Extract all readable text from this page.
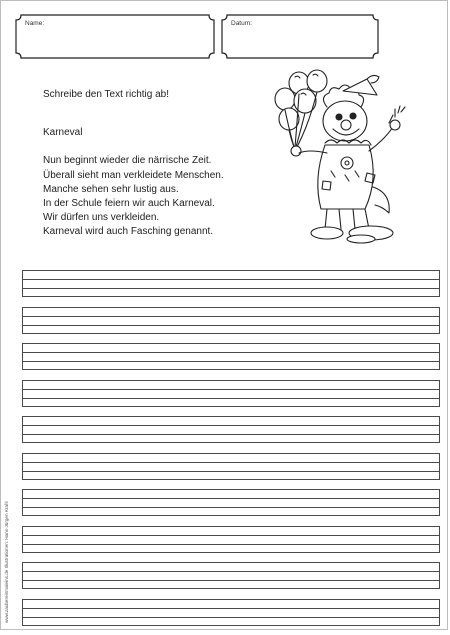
Name:	Datum:

Schreibe den Text richtig ab!

Karneval

Nun beginnt wieder die närrische Zeit.
Überall sieht man verkleidete Menschen.
Manche sehen sehr lustig aus.
In der Schule feiern wir auch Karneval.
Wir dürfen uns verkleiden.
Karneval wird auch Fasching genannt.
www.zaubereinmaleins.de Illustrationen: Hans-Jürgen Krahl
